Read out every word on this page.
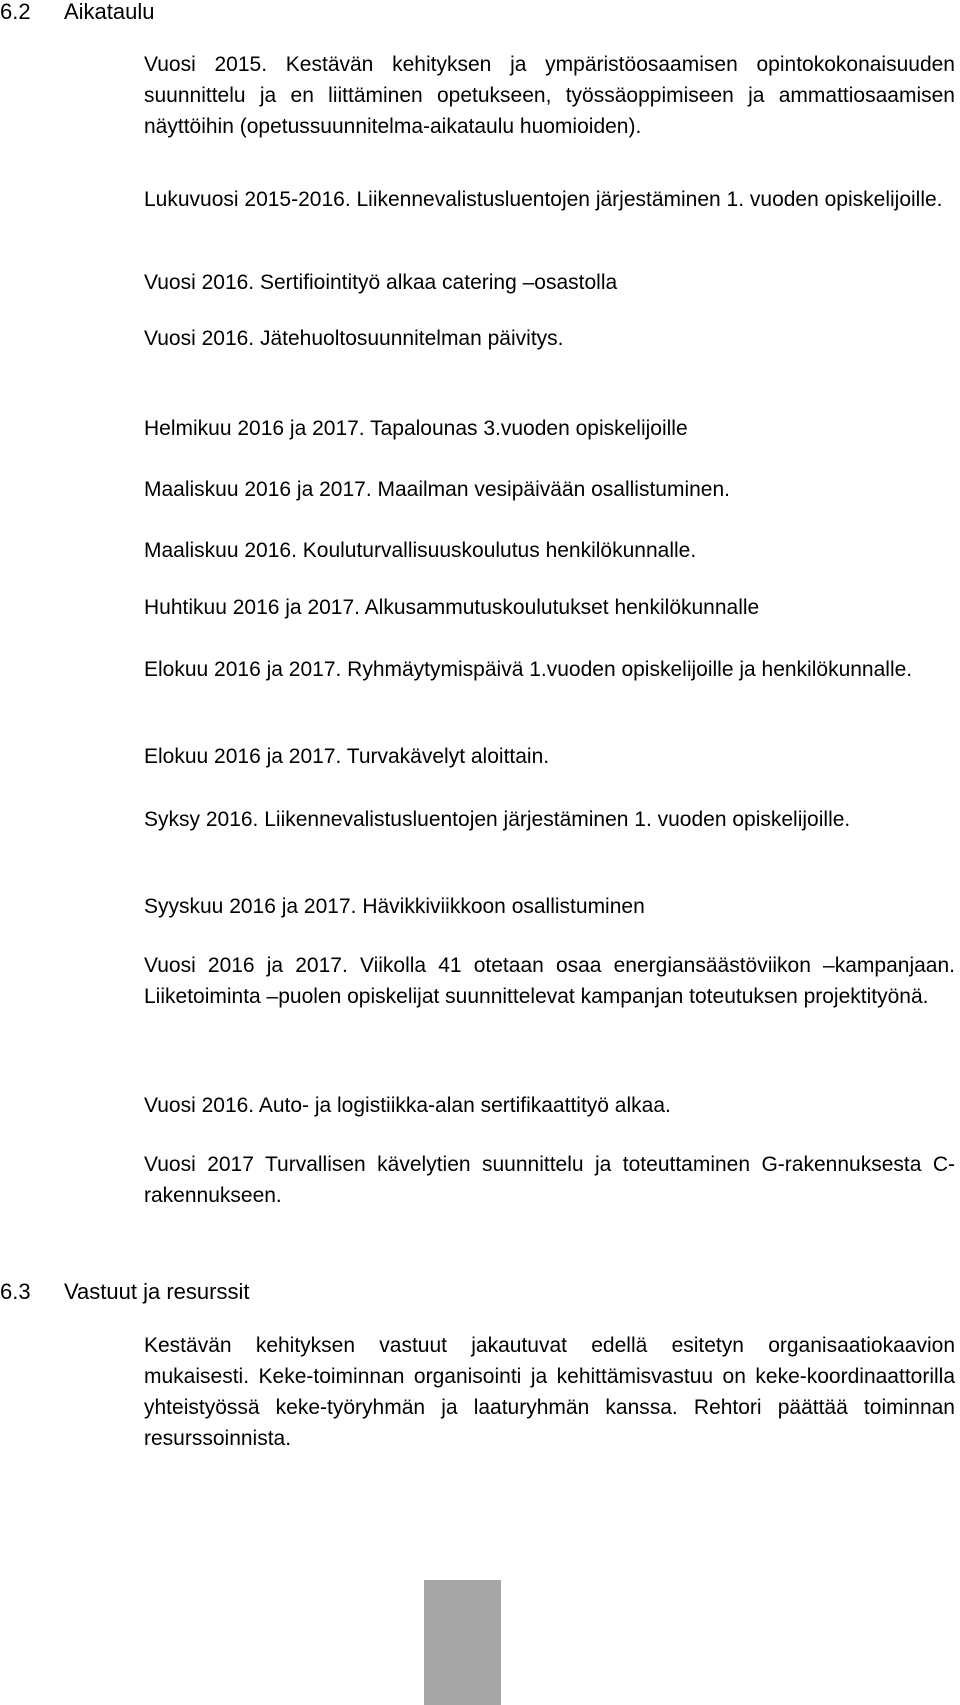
6.2 Aikataulu

Vuosi 2015. Kestävän kehityksen ja ympäristöosaamisen opintokokonaisuuden suunnittelu ja en liittäminen opetukseen, työssäoppimiseen ja ammattiosaamisen näyttöihin (opetussuunnitelma-aikataulu huomioiden).

Lukuvuosi 2015-2016. Liikennevalistusluentojen järjestäminen 1. vuoden opiskelijoille.

Vuosi 2016. Sertifiointityö alkaa catering –osastolla

Vuosi 2016. Jätehuoltosuunnitelman päivitys.

Helmikuu 2016 ja 2017. Tapalounas 3.vuoden opiskelijoille

Maaliskuu 2016 ja 2017. Maailman vesipäivään osallistuminen.

Maaliskuu 2016. Kouluturvallisuuskoulutus henkilökunnalle.

Huhtikuu 2016 ja 2017. Alkusammutuskoulutukset henkilökunnalle

Elokuu 2016 ja 2017. Ryhmäytymispäivä 1.vuoden opiskelijoille ja henkilökunnalle.

Elokuu 2016 ja 2017. Turvakävelyt aloittain.

Syksy 2016. Liikennevalistusluentojen järjestäminen 1. vuoden opiskelijoille.

Syyskuu 2016 ja 2017. Hävikkiviikkoon osallistuminen

Vuosi 2016 ja 2017. Viikolla 41 otetaan osaa energiansäästöviikon –kampanjaan. Liiketoiminta –puolen opiskelijat suunnittelevat kampanjan toteutuksen projektityönä.

Vuosi 2016. Auto- ja logistiikka-alan sertifikaattityö alkaa.

Vuosi 2017 Turvallisen kävelytien suunnittelu ja toteuttaminen G-rakennuksesta C-rakennukseen.

6.3 Vastuut ja resurssit

Kestävän kehityksen vastuut jakautuvat edellä esitetyn organisaatiokaavion mukaisesti. Keke-toiminnan organisointi ja kehittämisvastuu on keke-koordinaattorilla yhteistyössä keke-työryhmän ja laaturyhmän kanssa. Rehtori päättää toiminnan resurssoinnista.
